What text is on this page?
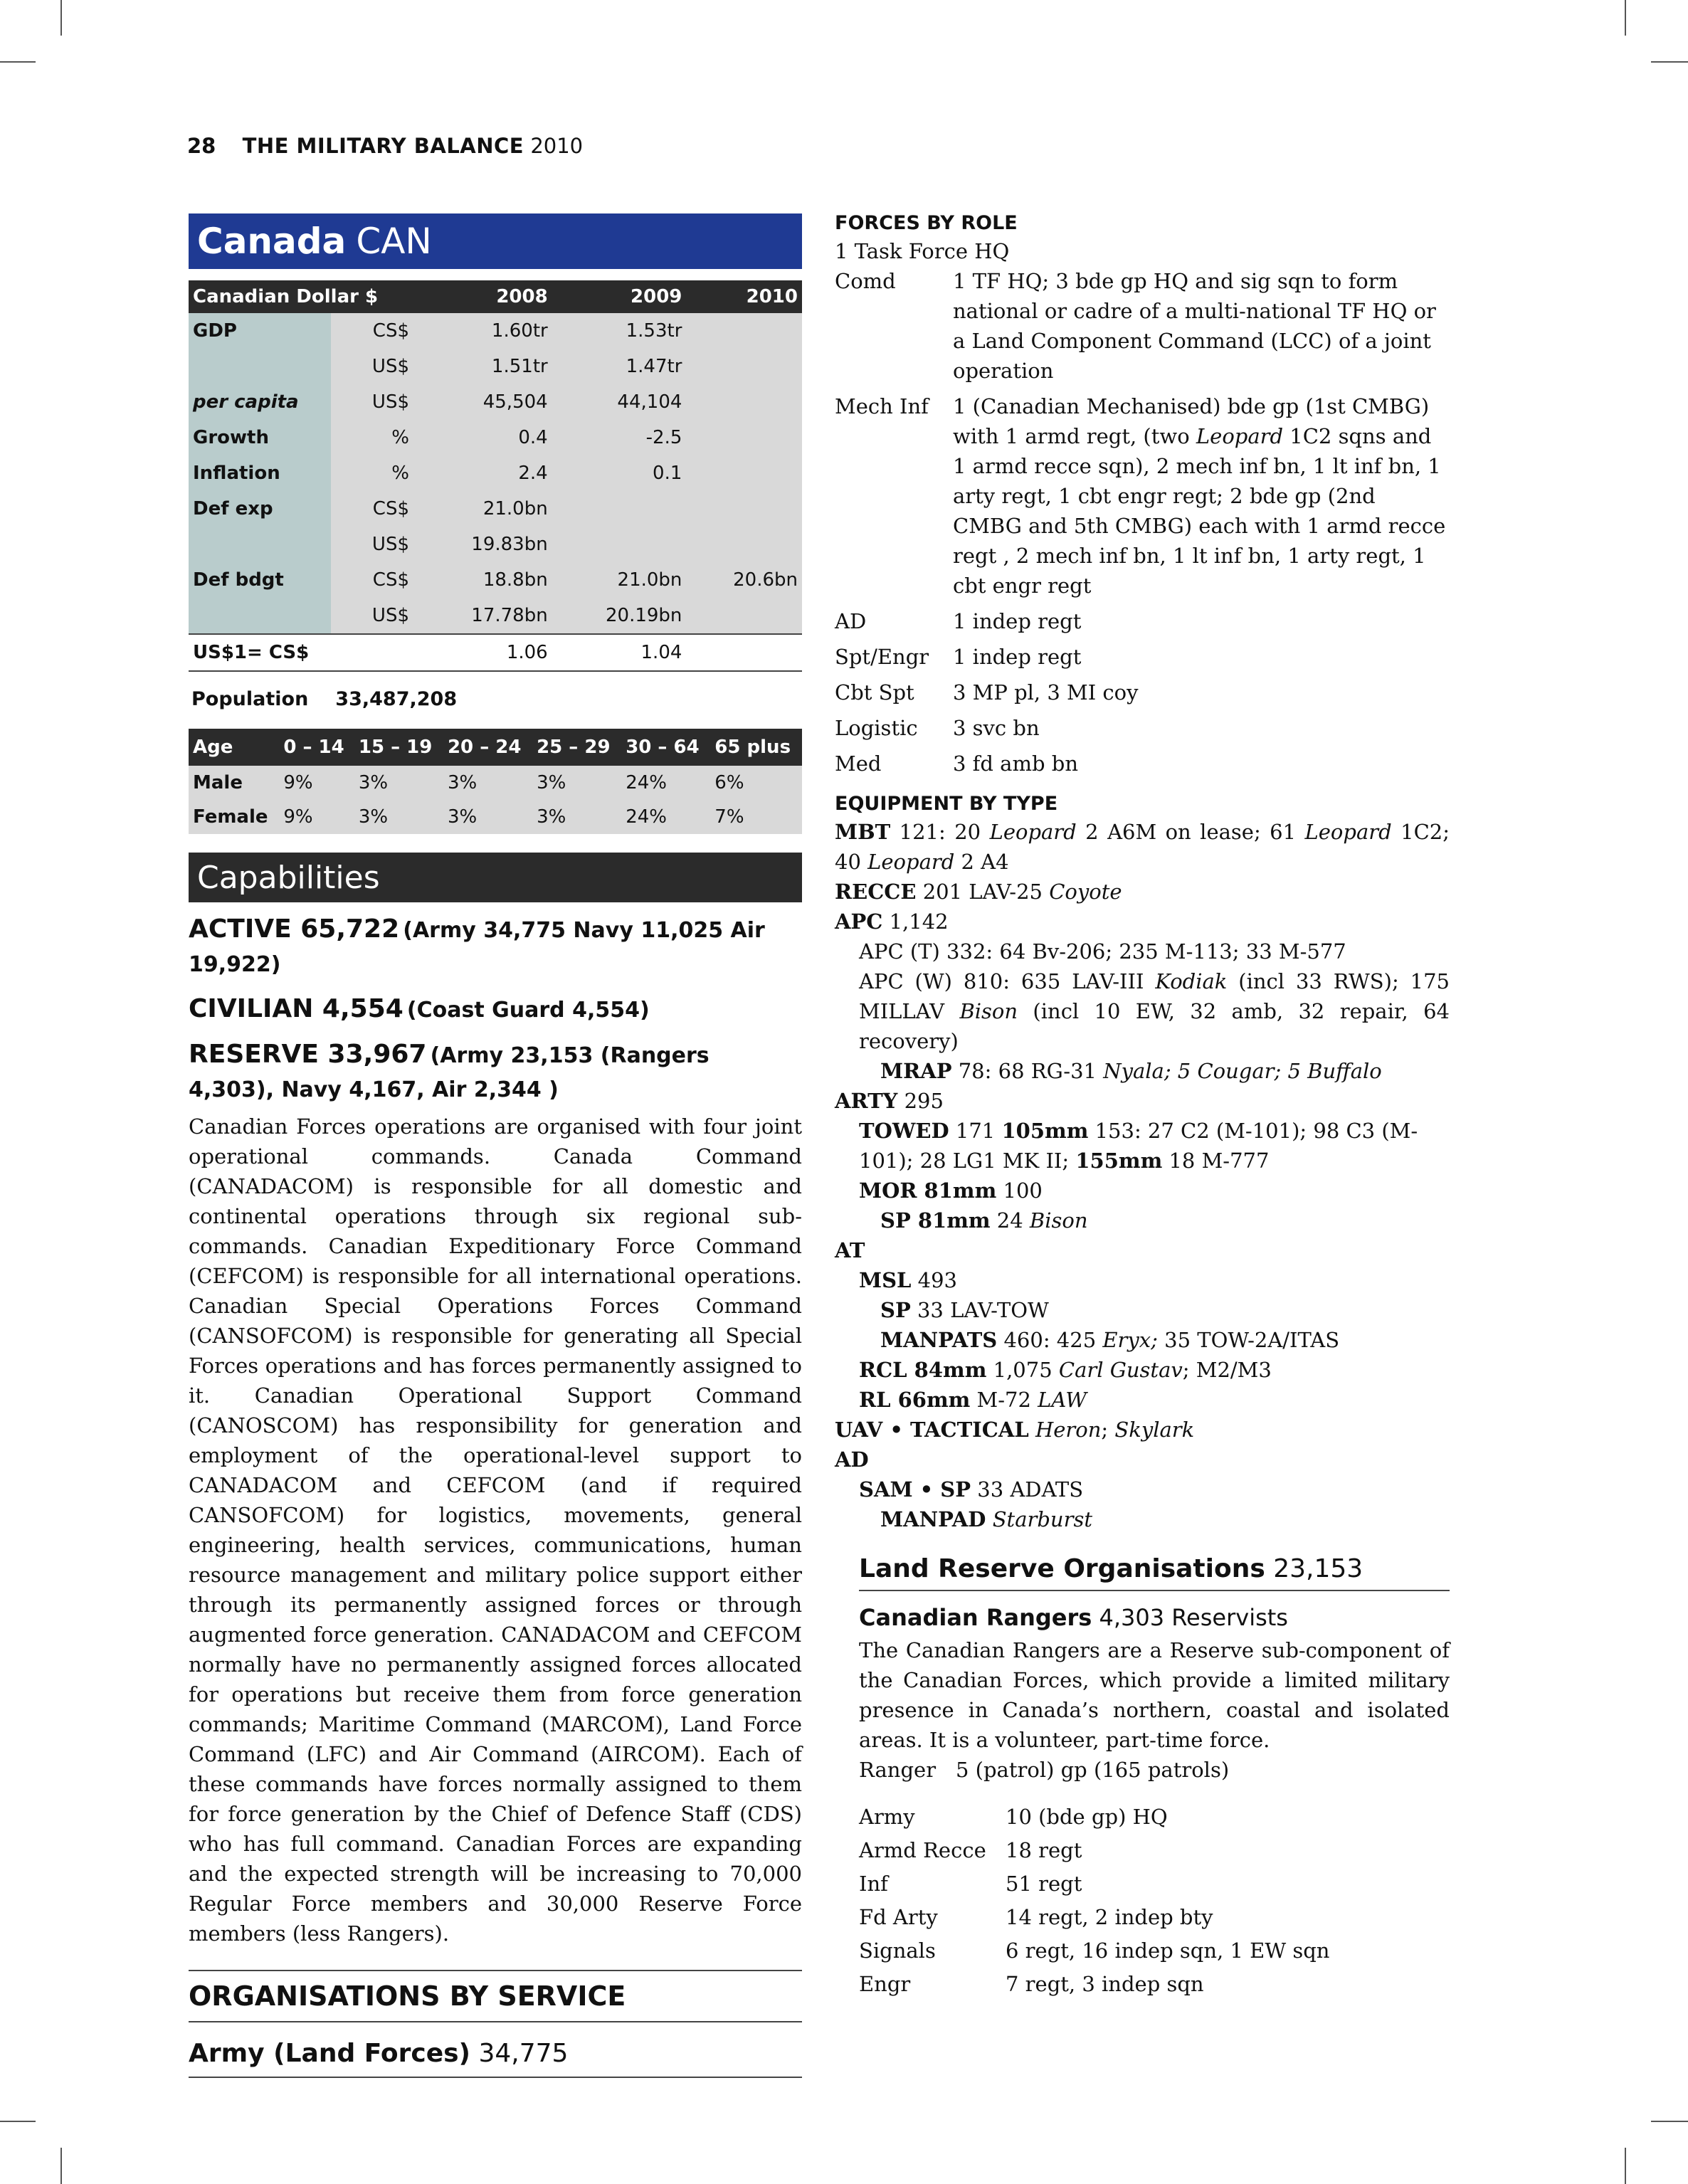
28 THE MILITARY BALANCE 2010
Canada CAN
Canadian Dollar $		2008	2009	2010
GDP	CS$	1.60tr	1.53tr	
	US$	1.51tr	1.47tr	
per capita	US$	45,504	44,104	
Growth	%	0.4	-2.5	
Inflation	%	2.4	0.1	
Def exp	CS$	21.0bn		
	US$	19.83bn		
Def bdgt	CS$	18.8bn	21.0bn	20.6bn
	US$	17.78bn	20.19bn	
US$1= CS$		1.06	1.04	
Population 33,487,208
Age	0 – 14	15 – 19	20 – 24	25 – 29	30 – 64	65 plus
Male	9%	3%	3%	3%	24%	6%
Female	9%	3%	3%	3%	24%	7%
Capabilities
ACTIVE 65,722 (Army 34,775 Navy 11,025 Air 19,922)
CIVILIAN 4,554 (Coast Guard 4,554)
RESERVE 33,967 (Army 23,153 (Rangers 4,303), Navy 4,167, Air 2,344 )
Canadian Forces operations are organised with four joint operational commands. Canada Command (CANADACOM) is responsible for all domestic and continental operations through six regional sub-commands. Canadian Expeditionary Force Command (CEFCOM) is responsible for all international operations. Canadian Special Operations Forces Command (CANSOFCOM) is responsible for generating all Special Forces operations and has forces permanently assigned to it. Canadian Operational Support Command (CANOSCOM) has responsibility for generation and employment of the operational-level support to CANADACOM and CEFCOM (and if required CANSOFCOM) for logistics, movements, general engineering, health services, communications, human resource management and military police support either through its permanently assigned forces or through augmented force generation. CANADACOM and CEFCOM normally have no permanently assigned forces allocated for operations but receive them from force generation commands; Maritime Command (MARCOM), Land Force Command (LFC) and Air Command (AIRCOM). Each of these commands have forces normally assigned to them for force generation by the Chief of Defence Staff (CDS) who has full command. Canadian Forces are expanding and the expected strength will be increasing to 70,000 Regular Force members and 30,000 Reserve Force members (less Rangers).
ORGANISATIONS BY SERVICE
Army (Land Forces) 34,775
FORCES BY ROLE
1 Task Force HQ
Comd	1 TF HQ; 3 bde gp HQ and sig sqn to form national or cadre of a multi-national TF HQ or a Land Component Command (LCC) of a joint operation
Mech Inf	1 (Canadian Mechanised) bde gp (1st CMBG) with 1 armd regt, (two Leopard 1C2 sqns and 1 armd recce sqn), 2 mech inf bn, 1 lt inf bn, 1 arty regt, 1 cbt engr regt; 2 bde gp (2nd CMBG and 5th CMBG) each with 1 armd recce regt , 2 mech inf bn, 1 lt inf bn, 1 arty regt, 1 cbt engr regt
AD	1 indep regt
Spt/Engr	1 indep regt
Cbt Spt	3 MP pl, 3 MI coy
Logistic	3 svc bn
Med	3 fd amb bn
EQUIPMENT BY TYPE
MBT 121: 20 Leopard 2 A6M on lease; 61 Leopard 1C2; 40 Leopard 2 A4
RECCE 201 LAV-25 Coyote
APC 1,142
APC (T) 332: 64 Bv-206; 235 M-113; 33 M-577
APC (W) 810: 635 LAV-III Kodiak (incl 33 RWS); 175 MILLAV Bison (incl 10 EW, 32 amb, 32 repair, 64 recovery)
MRAP 78: 68 RG-31 Nyala; 5 Cougar; 5 Buffalo
ARTY 295
TOWED 171 105mm 153: 27 C2 (M-101); 98 C3 (M-101); 28 LG1 MK II; 155mm 18 M-777
MOR 81mm 100
SP 81mm 24 Bison
AT
MSL 493
SP 33 LAV-TOW
MANPATS 460: 425 Eryx; 35 TOW-2A/ITAS
RCL 84mm 1,075 Carl Gustav; M2/M3
RL 66mm M-72 LAW
UAV • TACTICAL Heron; Skylark
AD
SAM • SP 33 ADATS
MANPAD Starburst
Land Reserve Organisations 23,153
Canadian Rangers 4,303 Reservists
The Canadian Rangers are a Reserve sub-component of the Canadian Forces, which provide a limited military presence in Canada’s northern, coastal and isolated areas. It is a volunteer, part-time force.
Ranger 5 (patrol) gp (165 patrols)
Army	10 (bde gp) HQ
Armd Recce 18 regt
Inf	51 regt
Fd Arty	14 regt, 2 indep bty
Signals	6 regt, 16 indep sqn, 1 EW sqn
Engr	7 regt, 3 indep sqn
